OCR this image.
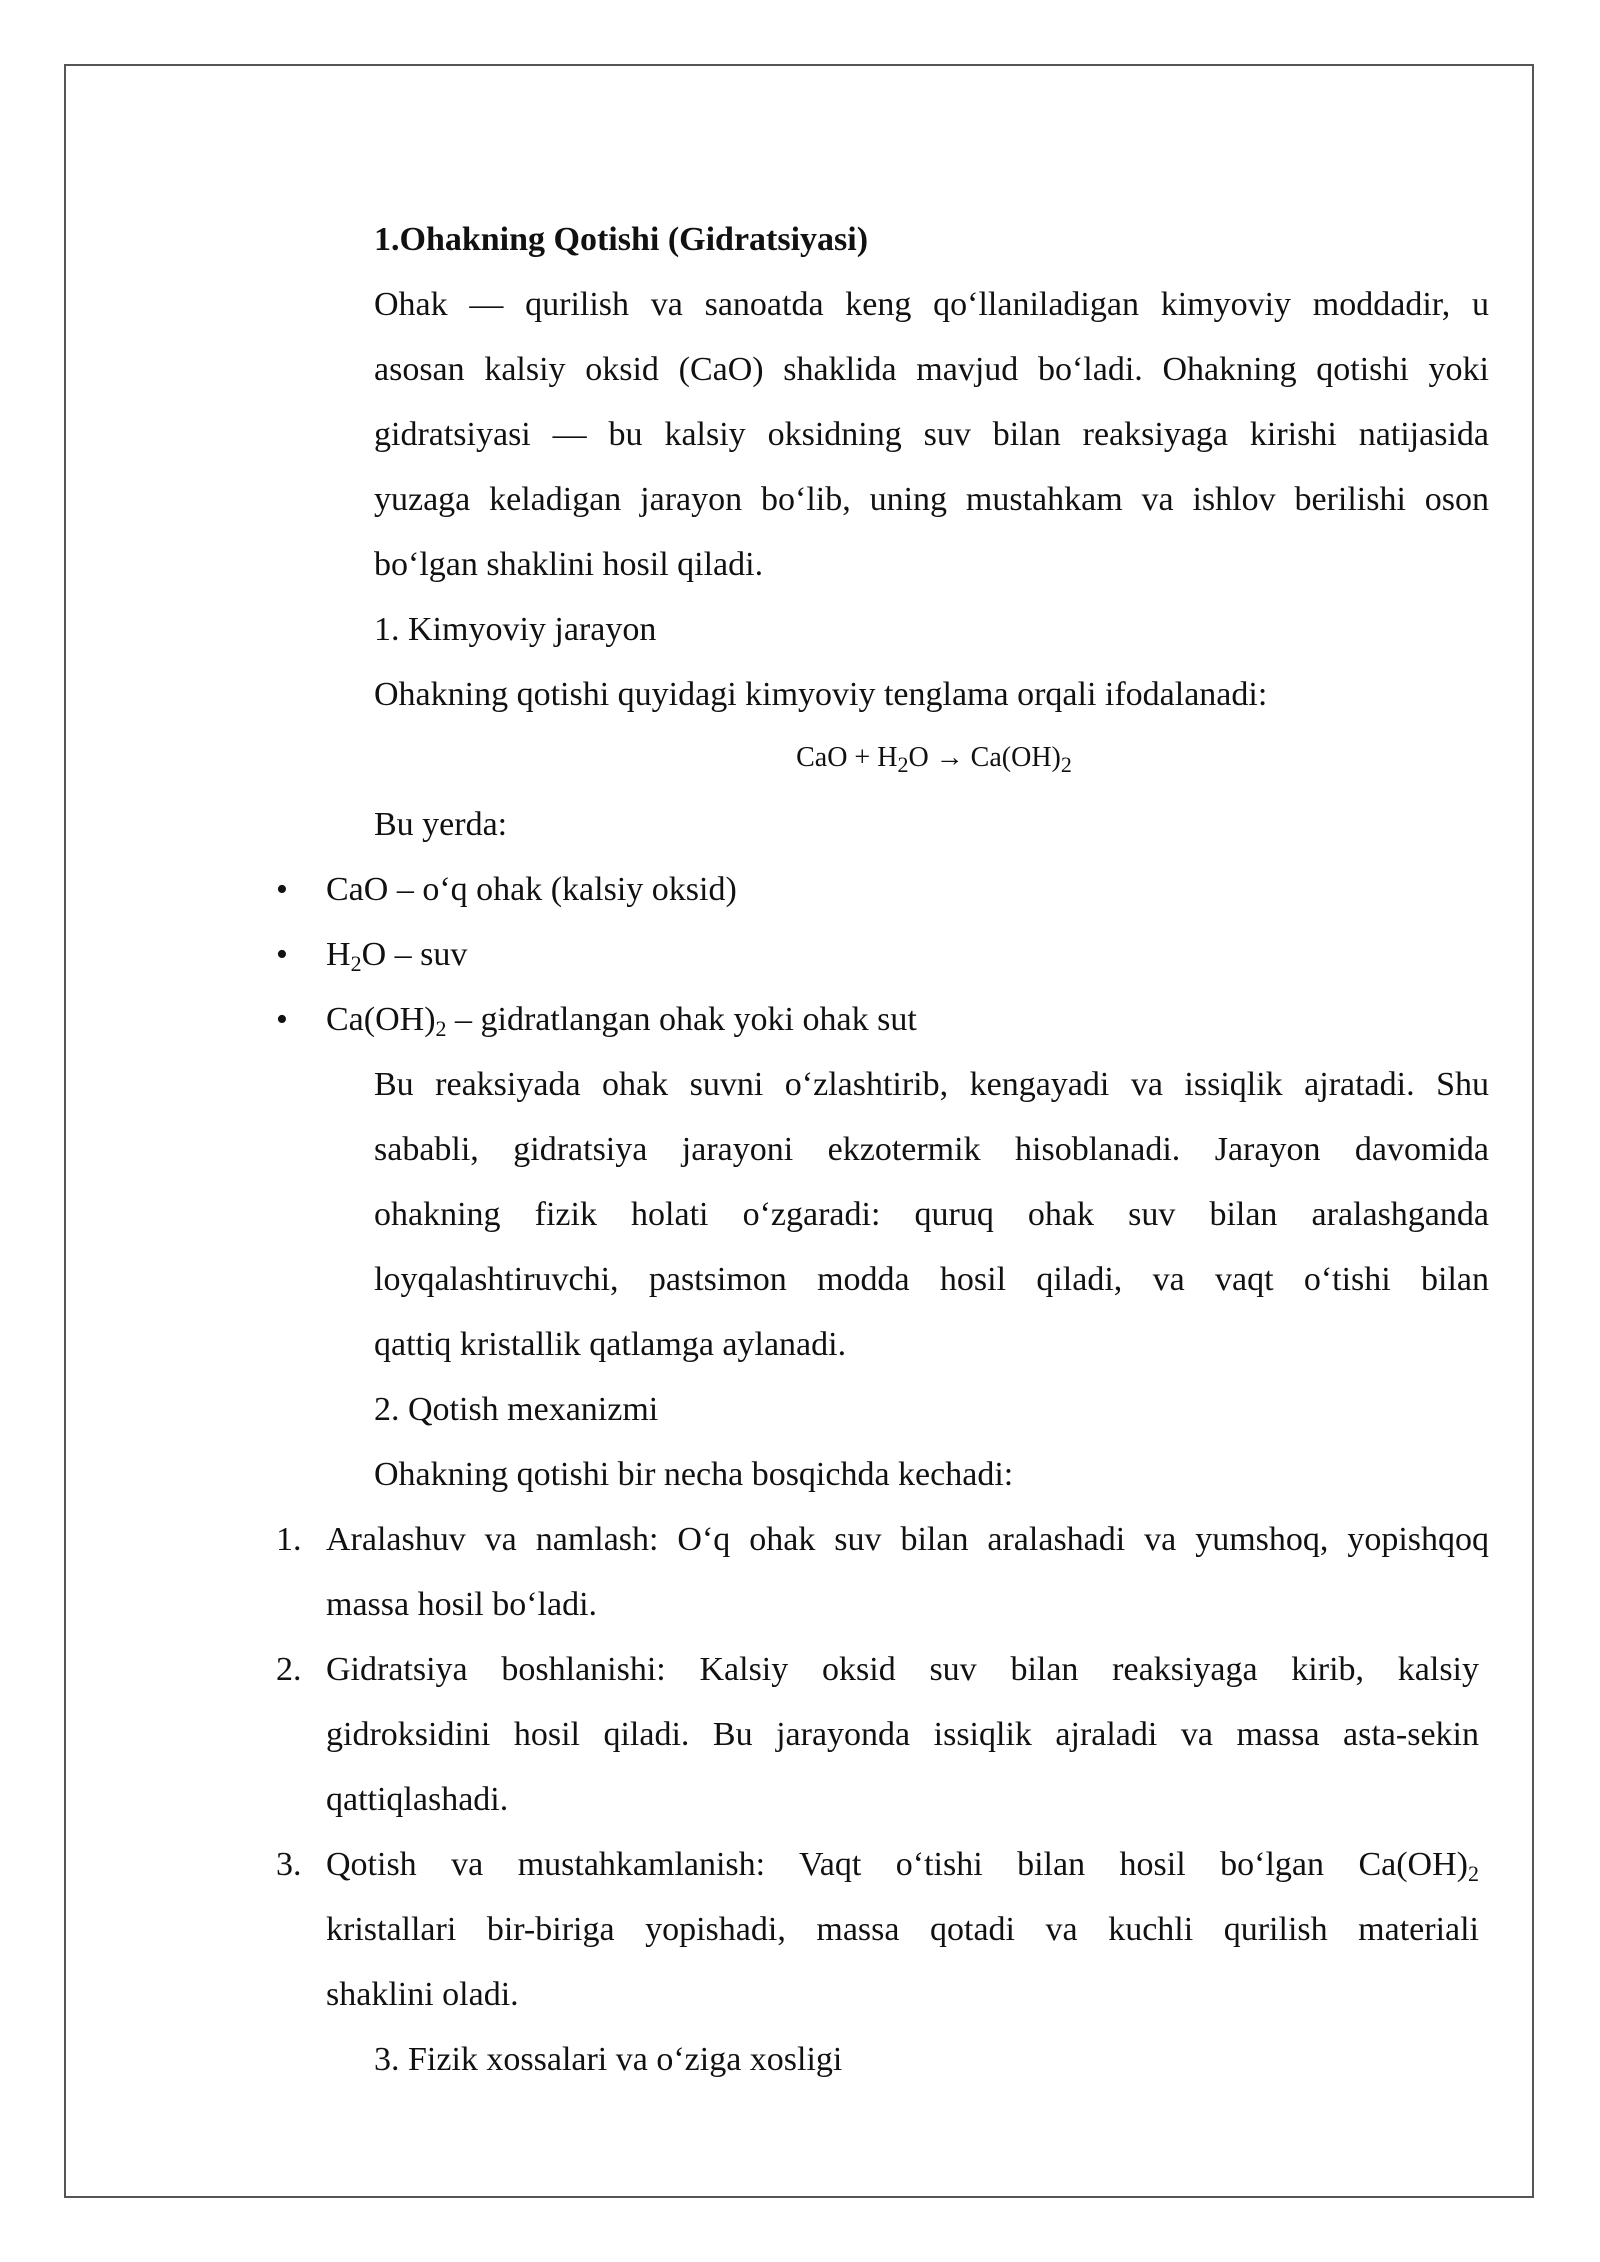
1.Ohakning Qotishi (Gidratsiyasi)
Ohak — qurilish va sanoatda keng qo‘llaniladigan kimyoviy moddadir, u
asosan kalsiy oksid (CaO) shaklida mavjud bo‘ladi. Ohakning qotishi yoki
gidratsiyasi — bu kalsiy oksidning suv bilan reaksiyaga kirishi natijasida
yuzaga keladigan jarayon bo‘lib, uning mustahkam va ishlov berilishi oson
bo‘lgan shaklini hosil qiladi.
1. Kimyoviy jarayon
Ohakning qotishi quyidagi kimyoviy tenglama orqali ifodalanadi:
CaO + $H_2O \to Ca(OH)_2$
Bu yerda:
• CaO – o‘q ohak (kalsiy oksid)
• $H_2O$ – suv
• $Ca(OH)_2$ – gidratlangan ohak yoki ohak sut
Bu reaksiyada ohak suvni o‘zlashtirib, kengayadi va issiqlik ajratadi. Shu
sababli, gidratsiya jarayoni ekzotermik hisoblanadi. Jarayon davomida
ohakning fizik holati o‘zgaradi: quruq ohak suv bilan aralashganda
loyqalashtiruvchi, pastsimon modda hosil qiladi, va vaqt o‘tishi bilan
qattiq kristallik qatlamga aylanadi.
2. Qotish mexanizmi
Ohakning qotishi bir necha bosqichda kechadi:
1. Aralashuv va namlash: O‘q ohak suv bilan aralashadi va yumshoq, yopishqoq
massa hosil bo‘ladi.
2. Gidratsiya boshlanishi: Kalsiy oksid suv bilan reaksiyaga kirib, kalsiy
gidroksidini hosil qiladi. Bu jarayonda issiqlik ajraladi va massa asta-sekin
qattiqlashadi.
3. Qotish va mustahkamlanish: Vaqt o‘tishi bilan hosil bo‘lgan $Ca(OH)_2$
kristallari bir-biriga yopishadi, massa qotadi va kuchli qurilish materiali
shaklini oladi.
3. Fizik xossalari va o‘ziga xosligi
